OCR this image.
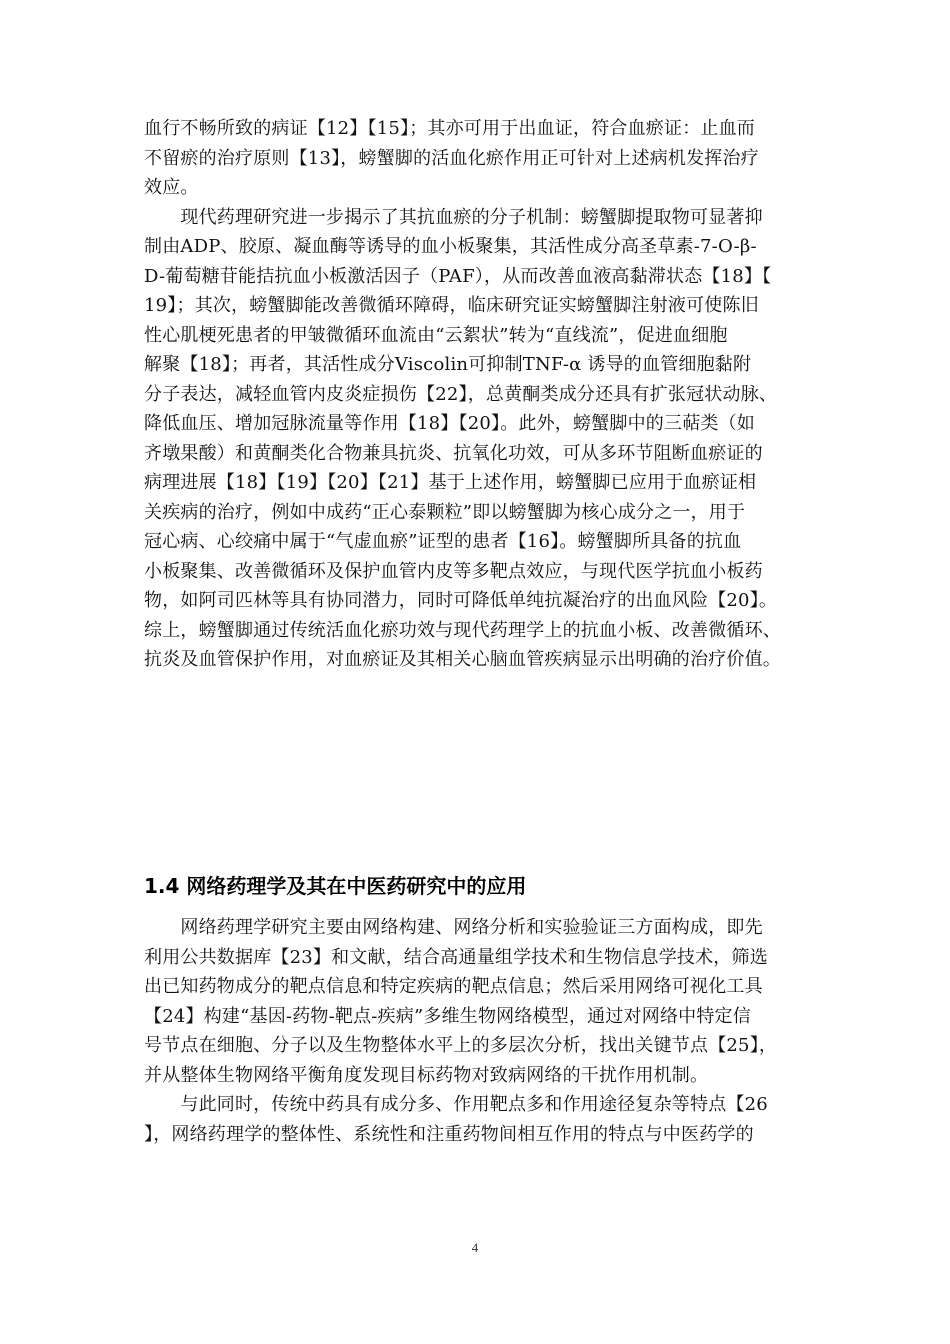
血行不畅所致的病证【12】【15】；其亦可用于出血证，符合血瘀证：止血而
不留瘀的治疗原则【13】，螃蟹脚的活血化瘀作用正可针对上述病机发挥治疗
效应。
　　现代药理研究进一步揭示了其抗血瘀的分子机制：螃蟹脚提取物可显著抑
制由ADP、胶原、凝血酶等诱导的血小板聚集，其活性成分高圣草素-7-O-β-
D-葡萄糖苷能拮抗血小板激活因子（PAF），从而改善血液高黏滞状态【18】【
19】；其次，螃蟹脚能改善微循环障碍，临床研究证实螃蟹脚注射液可使陈旧
性心肌梗死患者的甲皱微循环血流由“云絮状”转为“直线流”，促进血细胞
解聚【18】；再者，其活性成分Viscolin可抑制TNF-α 诱导的血管细胞黏附
分子表达，减轻血管内皮炎症损伤【22】，总黄酮类成分还具有扩张冠状动脉、
降低血压、增加冠脉流量等作用【18】【20】。此外，螃蟹脚中的三萜类（如
齐墩果酸）和黄酮类化合物兼具抗炎、抗氧化功效，可从多环节阻断血瘀证的
病理进展【18】【19】【20】【21】基于上述作用，螃蟹脚已应用于血瘀证相
关疾病的治疗，例如中成药“正心泰颗粒”即以螃蟹脚为核心成分之一，用于
冠心病、心绞痛中属于“气虚血瘀”证型的患者【16】。螃蟹脚所具备的抗血
小板聚集、改善微循环及保护血管内皮等多靶点效应，与现代医学抗血小板药
物，如阿司匹林等具有协同潜力，同时可降低单纯抗凝治疗的出血风险【20】。
综上，螃蟹脚通过传统活血化瘀功效与现代药理学上的抗血小板、改善微循环、
抗炎及血管保护作用，对血瘀证及其相关心脑血管疾病显示出明确的治疗价值。
1.4 网络药理学及其在中医药研究中的应用
　　网络药理学研究主要由网络构建、网络分析和实验验证三方面构成，即先
利用公共数据库【23】和文献，结合高通量组学技术和生物信息学技术，筛选
出已知药物成分的靶点信息和特定疾病的靶点信息；然后采用网络可视化工具
【24】构建“基因-药物-靶点-疾病”多维生物网络模型，通过对网络中特定信
号节点在细胞、分子以及生物整体水平上的多层次分析，找出关键节点【25】，
并从整体生物网络平衡角度发现目标药物对致病网络的干扰作用机制。
　　与此同时，传统中药具有成分多、作用靶点多和作用途径复杂等特点【26
】，网络药理学的整体性、系统性和注重药物间相互作用的特点与中医药学的
4
